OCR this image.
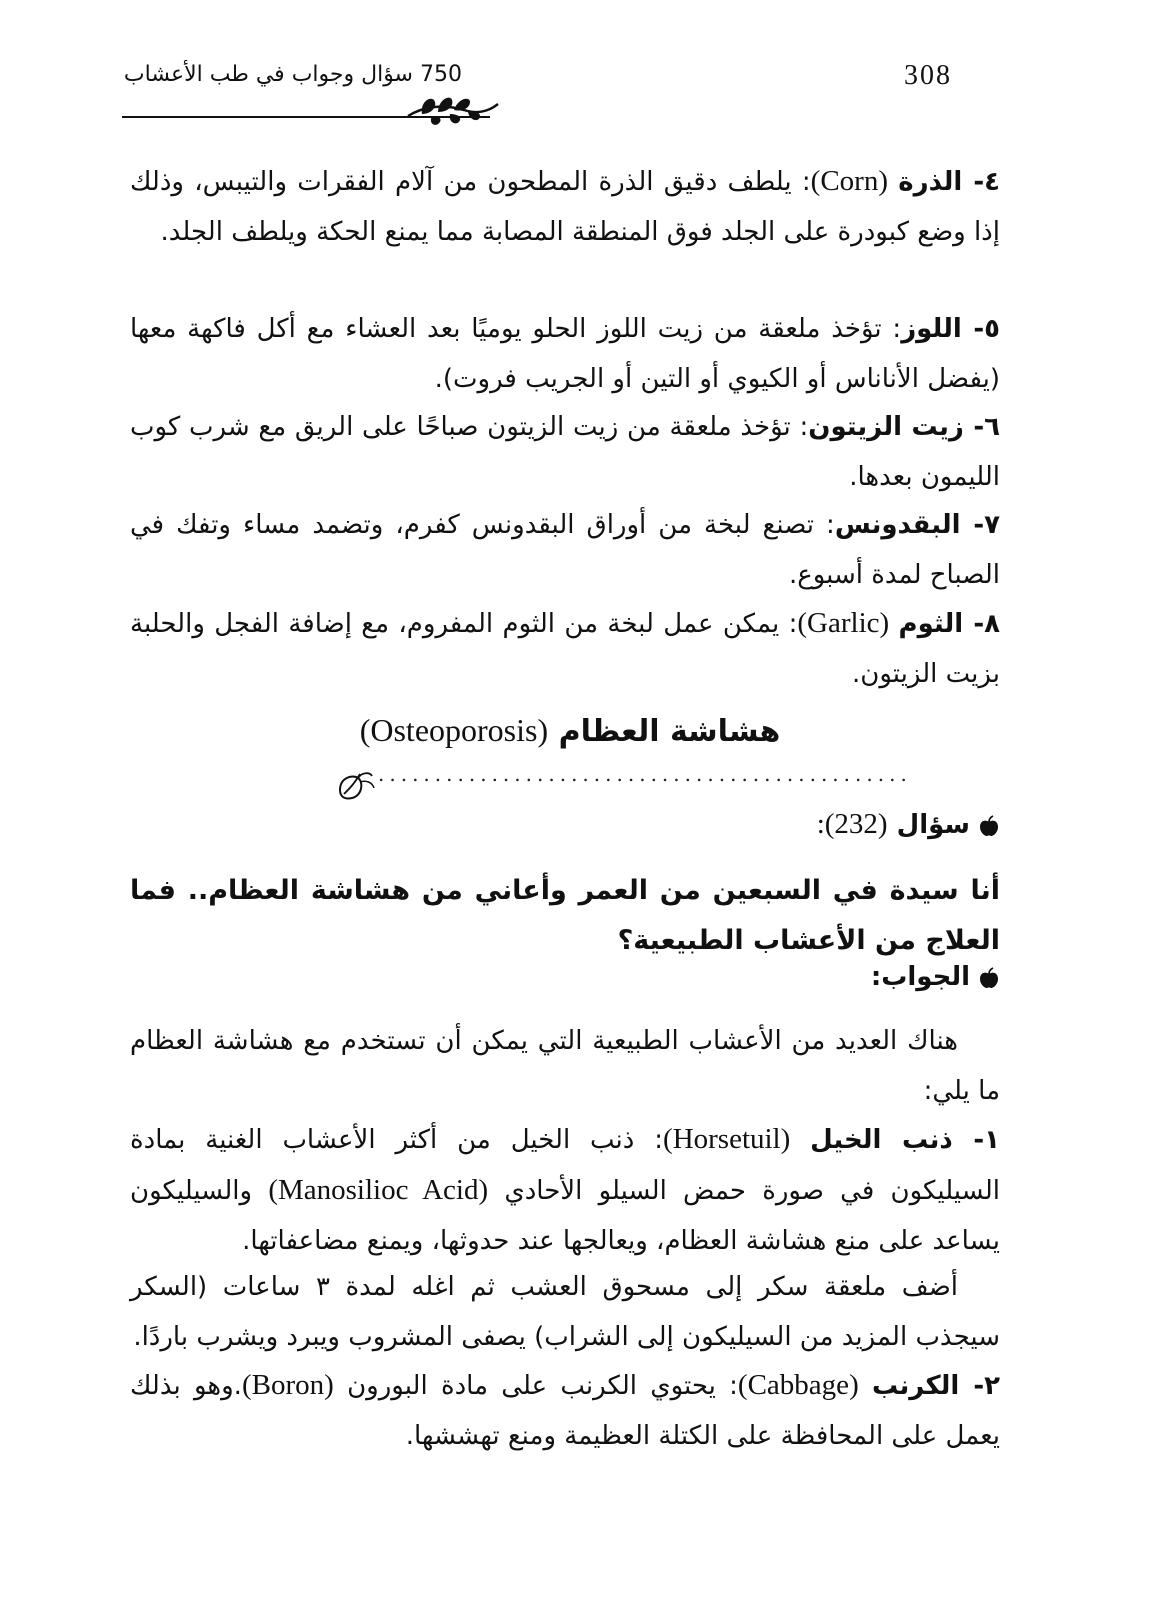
308
750 سؤال وجواب في طب الأعشاب
٤- الذرة (Corn): يلطف دقيق الذرة المطحون من آلام الفقرات والتيبس، وذلك إذا وضع كبودرة على الجلد فوق المنطقة المصابة مما يمنع الحكة ويلطف الجلد.
٥- اللوز: تؤخذ ملعقة من زيت اللوز الحلو يوميًا بعد العشاء مع أكل فاكهة معها (يفضل الأناناس أو الكيوي أو التين أو الجريب فروت).
٦- زيت الزيتون: تؤخذ ملعقة من زيت الزيتون صباحًا على الريق مع شرب كوب الليمون بعدها.
٧- البقدونس: تصنع لبخة من أوراق البقدونس كفرم، وتضمد مساء وتفك في الصباح لمدة أسبوع.
٨- الثوم (Garlic): يمكن عمل لبخة من الثوم المفروم، مع إضافة الفجل والحلبة بزيت الزيتون.
هشاشة العظام (Osteoporosis)
...............................................
سؤال (232):
أنا سيدة في السبعين من العمر وأعاني من هشاشة العظام.. فما العلاج من الأعشاب الطبيعية؟
الجواب:
هناك العديد من الأعشاب الطبيعية التي يمكن أن تستخدم مع هشاشة العظام ما يلي:
١- ذنب الخيل (Horsetuil): ذنب الخيل من أكثر الأعشاب الغنية بمادة السيليكون في صورة حمض السيلو الأحادي (Manosilioc Acid) والسيليكون يساعد على منع هشاشة العظام، ويعالجها عند حدوثها، ويمنع مضاعفاتها.
أضف ملعقة سكر إلى مسحوق العشب ثم اغله لمدة ٣ ساعات (السكر سيجذب المزيد من السيليكون إلى الشراب) يصفى المشروب ويبرد ويشرب باردًا.
٢- الكرنب (Cabbage): يحتوي الكرنب على مادة البورون (Boron).وهو بذلك يعمل على المحافظة على الكتلة العظيمة ومنع تهششها.
